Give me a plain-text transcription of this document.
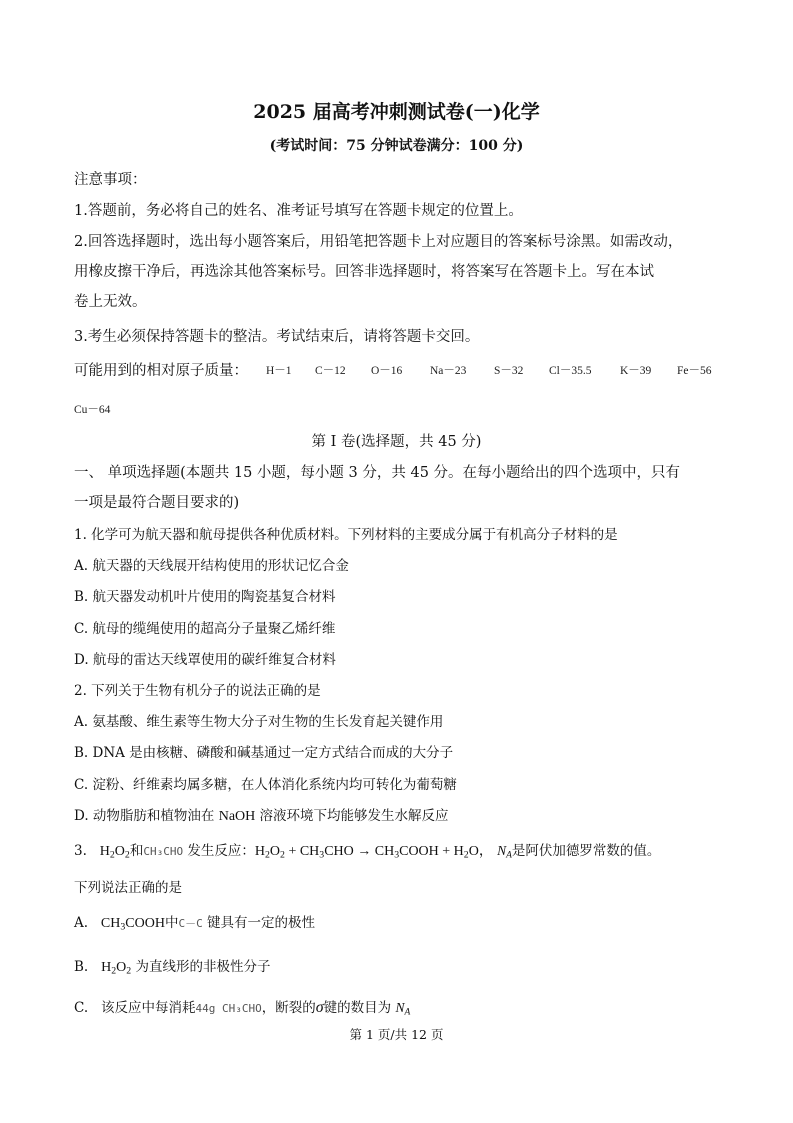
2025 届高考冲刺测试卷(一)化学
(考试时间：75 分钟试卷满分：100 分)
注意事项：
1.答题前，务必将自己的姓名、准考证号填写在答题卡规定的位置上。
2.回答选择题时，选出每小题答案后，用铅笔把答题卡上对应题目的答案标号涂黑。如需改动，
用橡皮擦干净后，再选涂其他答案标号。回答非选择题时，将答案写在答题卡上。写在本试
卷上无效。
3.考生必须保持答题卡的整洁。考试结束后，请将答题卡交回。
可能用到的相对原子质量： H－1 C－12 O－16 Na－23 S－32 Cl－35.5 K－39 Fe－56
Cu－64
第 I 卷(选择题，共 45 分)
一、 单项选择题(本题共 15 小题，每小题 3 分，共 45 分。在每小题给出的四个选项中，只有
一项是最符合题目要求的)
1. 化学可为航天器和航母提供各种优质材料。下列材料的主要成分属于有机高分子材料的是
A. 航天器的天线展开结构使用的形状记忆合金
B. 航天器发动机叶片使用的陶瓷基复合材料
C. 航母的缆绳使用的超高分子量聚乙烯纤维
D. 航母的雷达天线罩使用的碳纤维复合材料
2. 下列关于生物有机分子的说法正确的是
A. 氨基酸、维生素等生物大分子对生物的生长发育起关键作用
B. DNA 是由核糖、磷酸和碱基通过一定方式结合而成的大分子
C. 淀粉、纤维素均属多糖，在人体消化系统内均可转化为葡萄糖
D. 动物脂肪和植物油在 NaOH 溶液环境下均能够发生水解反应
3. $H_2O_2$和CH₃CHO 发生反应：$H_2O_2 + CH_3CHO$ → $CH_3COOH + H_2O$， $N_A$是阿伏加德罗常数的值。
下列说法正确的是
A. $CH_3COOH$中C－C 键具有一定的极性
B. $H_2O_2$ 为直线形的非极性分子
C. 该反应中每消耗44g CH₃CHO，断裂的σ键的数目为 $N_A$
第 1 页/共 12 页
